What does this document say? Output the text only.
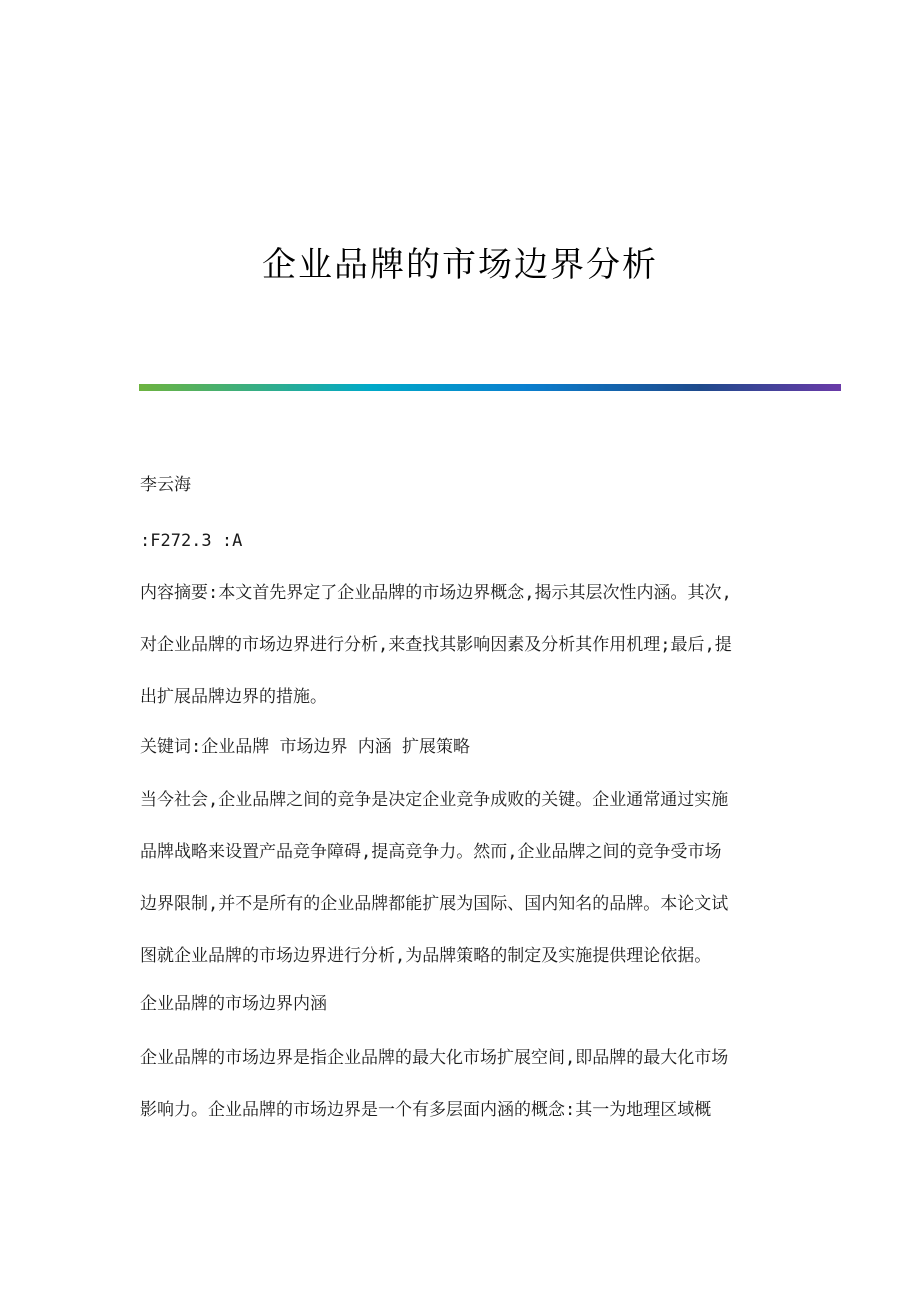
企业品牌的市场边界分析

李云海

:F272.3 :A

内容摘要:本文首先界定了企业品牌的市场边界概念,揭示其层次性内涵。其次,
对企业品牌的市场边界进行分析,来查找其影响因素及分析其作用机理;最后,提
出扩展品牌边界的措施。

关键词:企业品牌 市场边界 内涵 扩展策略

当今社会,企业品牌之间的竞争是决定企业竞争成败的关键。企业通常通过实施
品牌战略来设置产品竞争障碍,提高竞争力。然而,企业品牌之间的竞争受市场
边界限制,并不是所有的企业品牌都能扩展为国际、国内知名的品牌。本论文试
图就企业品牌的市场边界进行分析,为品牌策略的制定及实施提供理论依据。

企业品牌的市场边界内涵

企业品牌的市场边界是指企业品牌的最大化市场扩展空间,即品牌的最大化市场
影响力。企业品牌的市场边界是一个有多层面内涵的概念:其一为地理区域概
